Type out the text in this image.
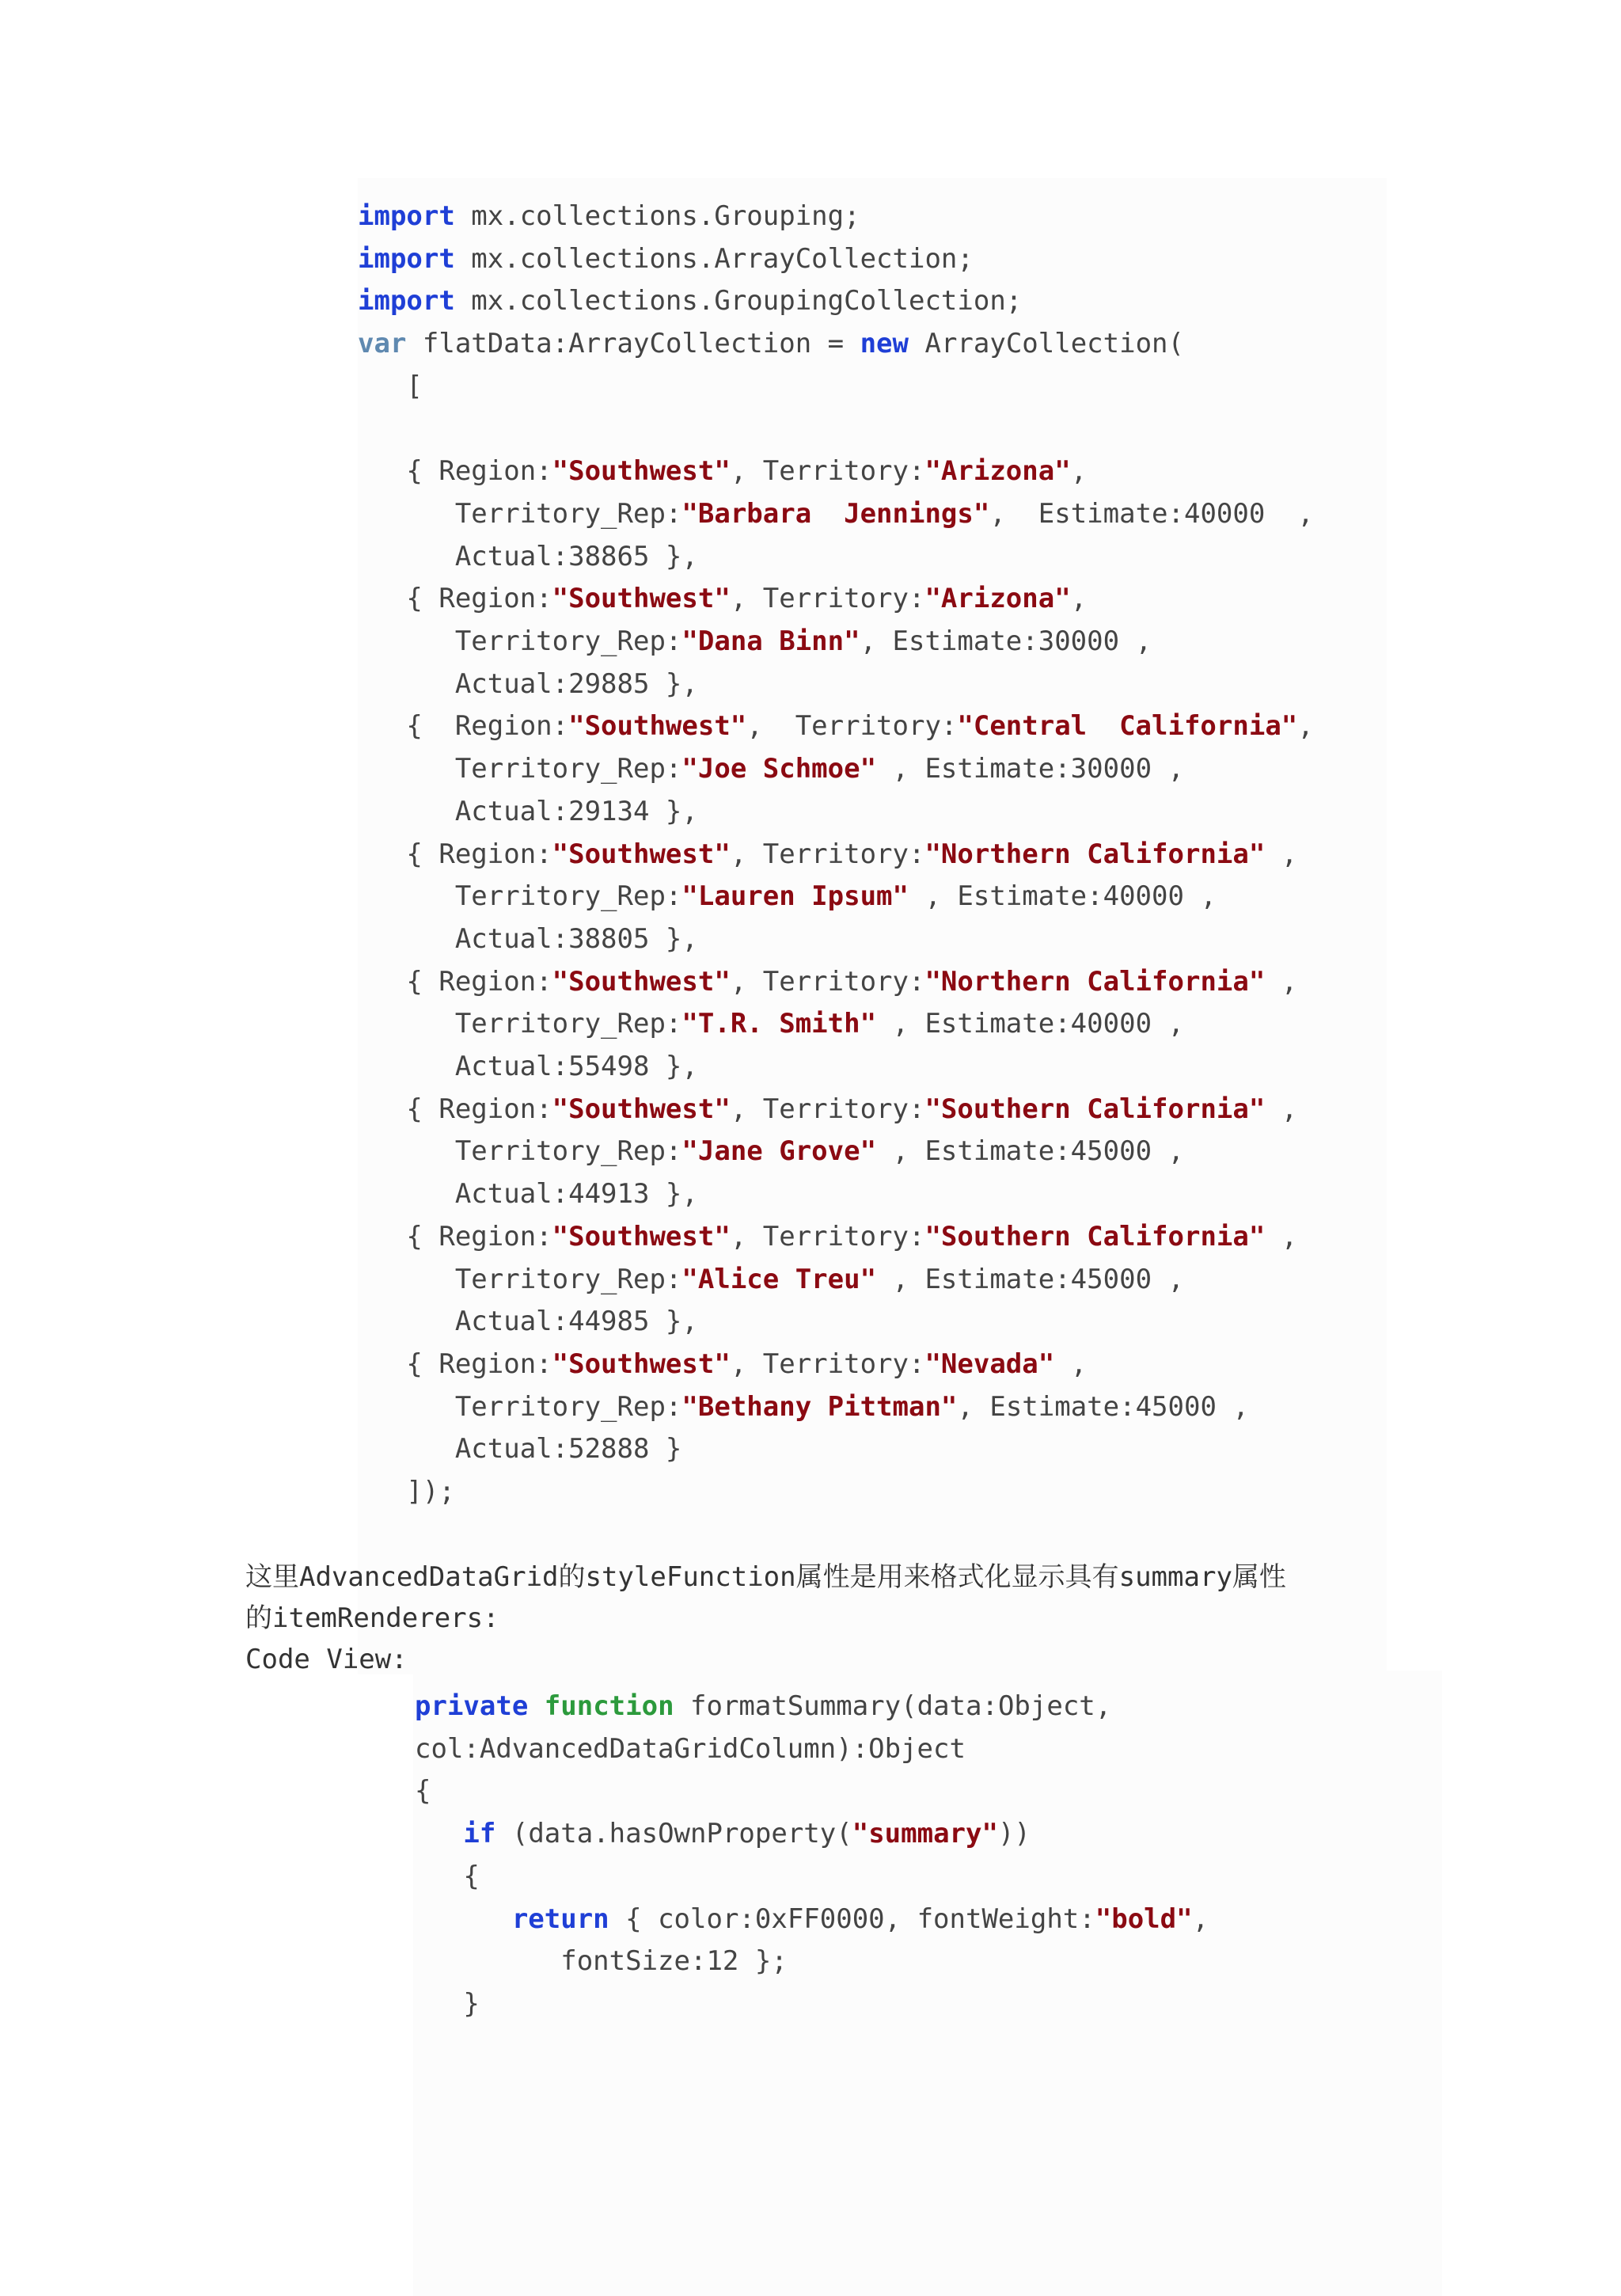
import mx.collections.Grouping;
import mx.collections.ArrayCollection;
import mx.collections.GroupingCollection;
var flatData:ArrayCollection = new ArrayCollection(
[
{ Region:"Southwest", Territory:"Arizona",
Territory_Rep:"Barbara  Jennings",  Estimate:40000  ,
Actual:38865 },
{ Region:"Southwest", Territory:"Arizona",
Territory_Rep:"Dana Binn", Estimate:30000 ,
Actual:29885 },
{  Region:"Southwest",  Territory:"Central  California",
Territory_Rep:"Joe Schmoe" , Estimate:30000 ,
Actual:29134 },
{ Region:"Southwest", Territory:"Northern California" ,
Territory_Rep:"Lauren Ipsum" , Estimate:40000 ,
Actual:38805 },
{ Region:"Southwest", Territory:"Northern California" ,
Territory_Rep:"T.R. Smith" , Estimate:40000 ,
Actual:55498 },
{ Region:"Southwest", Territory:"Southern California" ,
Territory_Rep:"Jane Grove" , Estimate:45000 ,
Actual:44913 },
{ Region:"Southwest", Territory:"Southern California" ,
Territory_Rep:"Alice Treu" , Estimate:45000 ,
Actual:44985 },
{ Region:"Southwest", Territory:"Nevada" ,
Territory_Rep:"Bethany Pittman", Estimate:45000 ,
Actual:52888 }
]);
这里AdvancedDataGrid的styleFunction属性是用来格式化显示具有summary属性
的itemRenderers:
Code View:
private function formatSummary(data:Object,
col:AdvancedDataGridColumn):Object
{
if (data.hasOwnProperty("summary"))
{
return { color:0xFF0000, fontWeight:"bold",
fontSize:12 };
}
